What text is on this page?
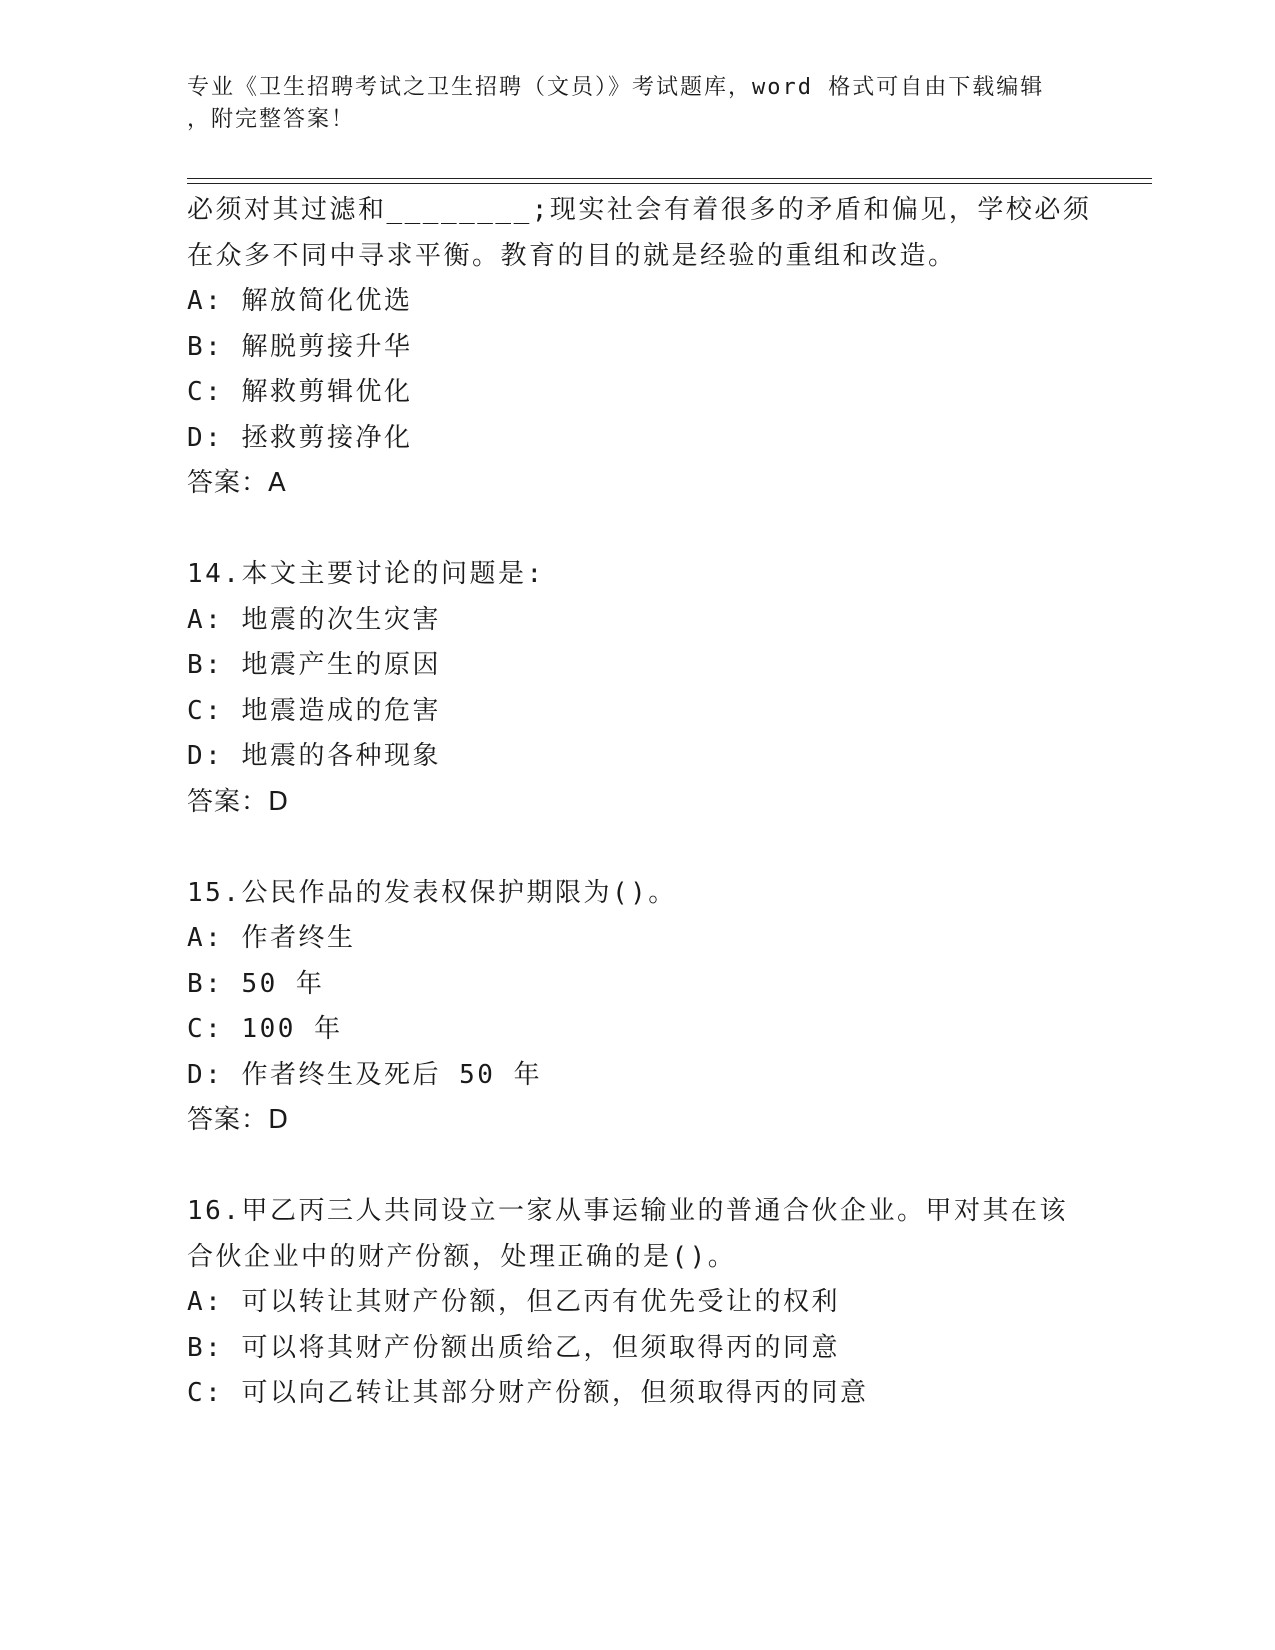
专业《卫生招聘考试之卫生招聘（文员）》考试题库，word 格式可自由下载编辑
，附完整答案！
必须对其过滤和________;现实社会有着很多的矛盾和偏见，学校必须
在众多不同中寻求平衡。教育的目的就是经验的重组和改造。
A: 解放简化优选
B: 解脱剪接升华
C: 解救剪辑优化
D: 拯救剪接净化
答案：A
14.本文主要讨论的问题是:
A: 地震的次生灾害
B: 地震产生的原因
C: 地震造成的危害
D: 地震的各种现象
答案：D
15.公民作品的发表权保护期限为()。
A: 作者终生
B: 50 年
C: 100 年
D: 作者终生及死后 50 年
答案：D
16.甲乙丙三人共同设立一家从事运输业的普通合伙企业。甲对其在该
合伙企业中的财产份额，处理正确的是()。
A: 可以转让其财产份额，但乙丙有优先受让的权利
B: 可以将其财产份额出质给乙，但须取得丙的同意
C: 可以向乙转让其部分财产份额，但须取得丙的同意
